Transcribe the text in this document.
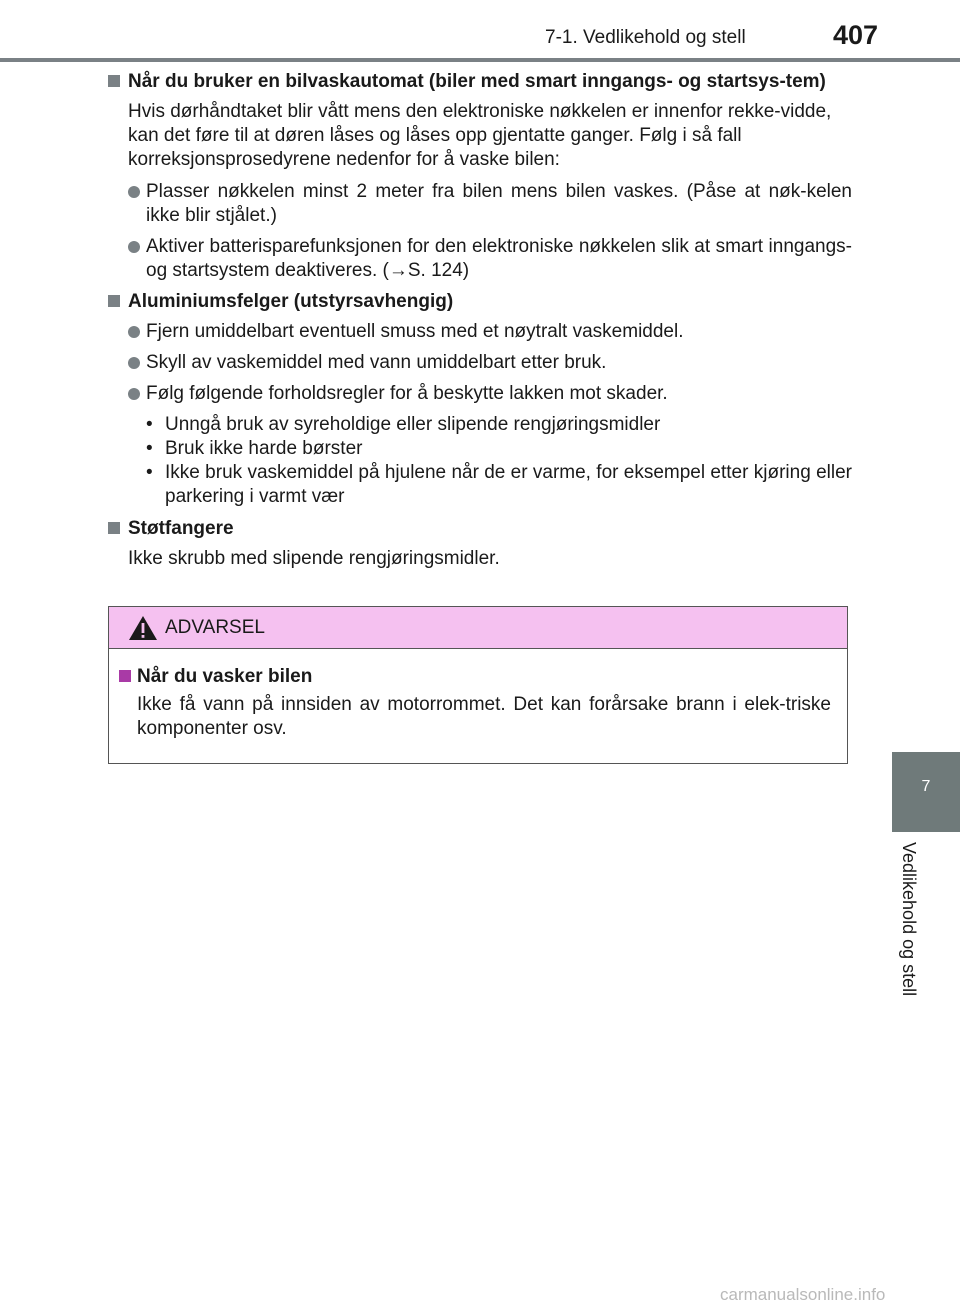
7-1. Vedlikehold og stell	407
7
Vedlikehold og stell
Når du bruker en bilvaskautomat (biler med smart inngangs- og startsys-tem)
Hvis dørhåndtaket blir vått mens den elektroniske nøkkelen er innenfor rekke-vidde, kan det føre til at døren låses og låses opp gjentatte ganger. Følg i så fall korreksjonsprosedyrene nedenfor for å vaske bilen:
Plasser nøkkelen minst 2 meter fra bilen mens bilen vaskes. (Påse at nøk-kelen ikke blir stjålet.)
Aktiver batterisparefunksjonen for den elektroniske nøkkelen slik at smart inngangs- og startsystem deaktiveres. (→S. 124)
Aluminiumsfelger (utstyrsavhengig)
Fjern umiddelbart eventuell smuss med et nøytralt vaskemiddel.
Skyll av vaskemiddel med vann umiddelbart etter bruk.
Følg følgende forholdsregler for å beskytte lakken mot skader.
• Unngå bruk av syreholdige eller slipende rengjøringsmidler
• Bruk ikke harde børster
• Ikke bruk vaskemiddel på hjulene når de er varme, for eksempel etter kjøring eller parkering i varmt vær
Støtfangere
Ikke skrubb med slipende rengjøringsmidler.
ADVARSEL
Når du vasker bilen
Ikke få vann på innsiden av motorrommet. Det kan forårsake brann i elek-triske komponenter osv.
carmanualsonline.info
